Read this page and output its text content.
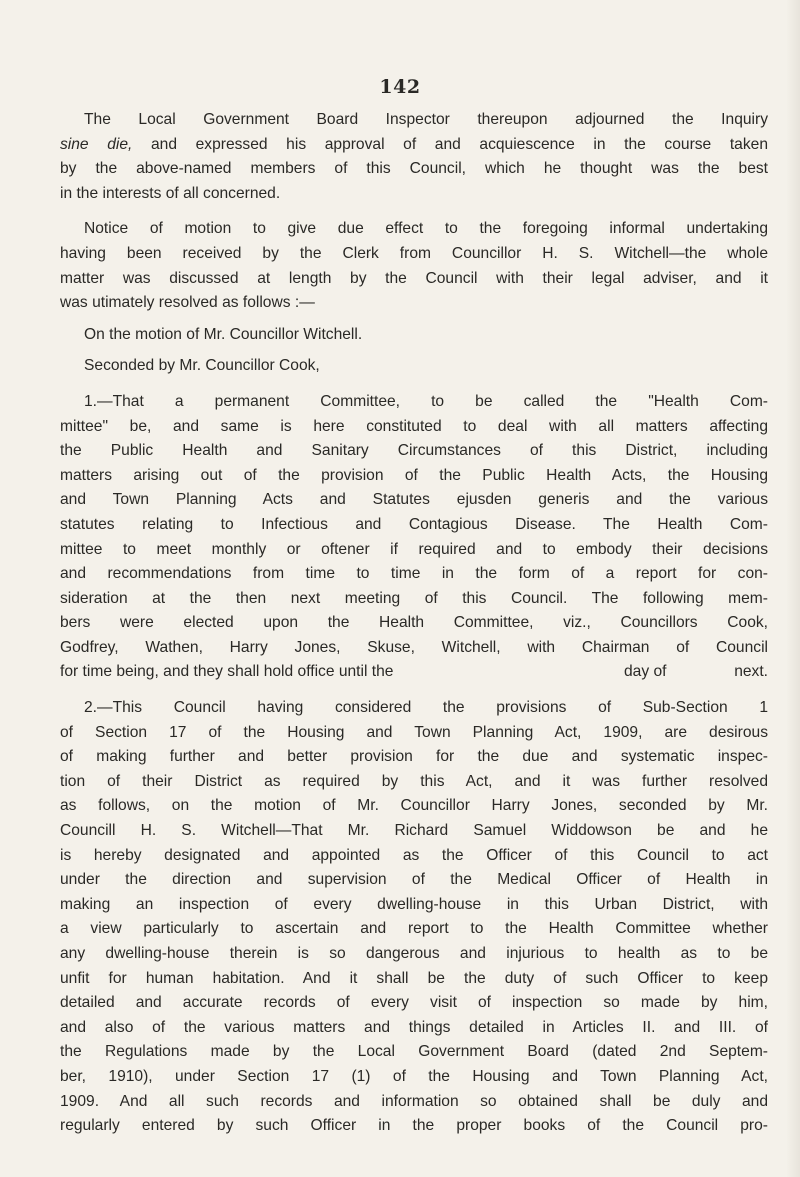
142

The Local Government Board Inspector thereupon adjourned the Inquiry
sine die, and expressed his approval of and acquiescence in the course taken
by the above-named members of this Council, which he thought was the best
in the interests of all concerned.

Notice of motion to give due effect to the foregoing informal undertaking
having been received by the Clerk from Councillor H. S. Witchell—the whole
matter was discussed at length by the Council with their legal adviser, and it
was utimately resolved as follows :—

On the motion of Mr. Councillor Witchell.

Seconded by Mr. Councillor Cook,

1.—That a permanent Committee, to be called the "Health Com-
mittee" be, and same is here constituted to deal with all matters affecting
the Public Health and Sanitary Circumstances of this District, including
matters arising out of the provision of the Public Health Acts, the Housing
and Town Planning Acts and Statutes ejusden generis and the various
statutes relating to Infectious and Contagious Disease. The Health Com-
mittee to meet monthly or oftener if required and to embody their decisions
and recommendations from time to time in the form of a report for con-
sideration at the then next meeting of this Council. The following mem-
bers were elected upon the Health Committee, viz., Councillors Cook,
Godfrey, Wathen, Harry Jones, Skuse, Witchell, with Chairman of Council
for time being, and they shall hold office until the	day of	next.

2.—This Council having considered the provisions of Sub-Section 1
of Section 17 of the Housing and Town Planning Act, 1909, are desirous
of making further and better provision for the due and systematic inspec-
tion of their District as required by this Act, and it was further resolved
as follows, on the motion of Mr. Councillor Harry Jones, seconded by Mr.
Councill H. S. Witchell—That Mr. Richard Samuel Widdowson be and he
is hereby designated and appointed as the Officer of this Council to act
under the direction and supervision of the Medical Officer of Health in
making an inspection of every dwelling-house in this Urban District, with
a view particularly to ascertain and report to the Health Committee whether
any dwelling-house therein is so dangerous and injurious to health as to be
unfit for human habitation. And it shall be the duty of such Officer to keep
detailed and accurate records of every visit of inspection so made by him,
and also of the various matters and things detailed in Articles II. and III. of
the Regulations made by the Local Government Board (dated 2nd Septem-
ber, 1910), under Section 17 (1) of the Housing and Town Planning Act,
1909. And all such records and information so obtained shall be duly and
regularly entered by such Officer in the proper books of the Council pro-
